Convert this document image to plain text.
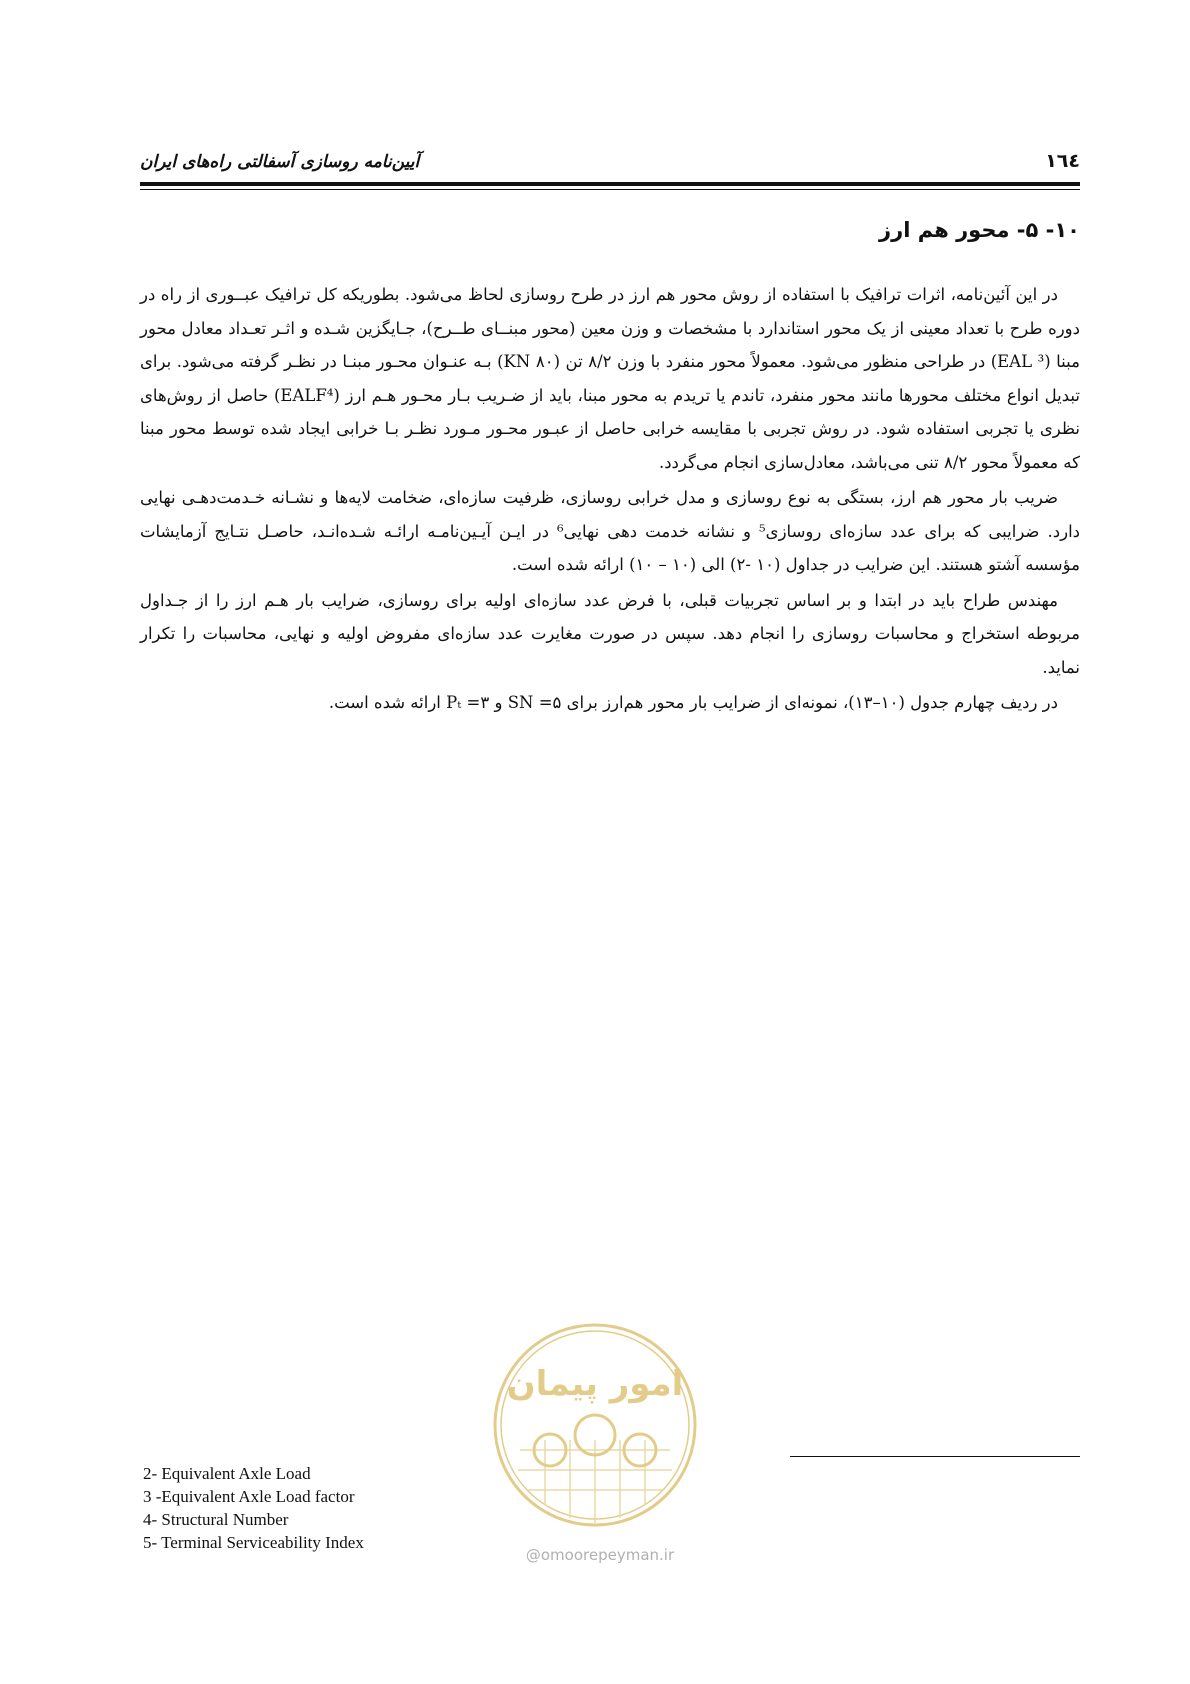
١٦٤
آيين‌نامه روسازی آسفالتی راه‌های ايران
۱۰- ۵- محور هم ارز

در اين آئين‌نامه، اثرات ترافيک با استفاده از روش محور هم ارز در طرح روسازی لحاظ می‌شود. بطوريکه کل ترافيک عبــوری از راه در دوره طرح با تعداد معينی از يک محور استاندارد با مشخصات و وزن معين (محور مبنــای طــرح)، جـايگزين شـده و اثـر تعـداد معادل محور مبنا (EAL ³) در طراحی منظور می‌شود. معمولاً محور منفرد با وزن ۸/۲ تن (۸۰ KN) بـه عنـوان محـور مبنـا در نظـر گرفته می‌شود. برای تبديل انواع مختلف محورها مانند محور منفرد، تاندم يا تريدم به محور مبنا، بايد از ضـريب بـار محـور هـم ارز (EALF⁴) حاصل از روش‌های نظری يا تجربی استفاده شود. در روش تجربی با مقايسه خرابی حاصل از عبـور محـور مـورد نظـر بـا خرابی ايجاد شده توسط محور مبنا که معمولاً محور ۸/۲ تنی می‌باشد، معادل‌سازی انجام می‌گردد.

ضريب بار محور هم ارز، بستگی به نوع روسازی و مدل خرابی روسازی، ظرفيت سازه‌ای، ضخامت لايه‌ها و نشـانه خـدمت‌دهـی نهايی دارد. ضرايبی که برای عدد سازه‌ای روسازی⁵ و نشانه خدمت دهی نهايی⁶ در ايـن آيـين‌نامـه ارائـه شـده‌انـد، حاصـل نتـايج آزمايشات مؤسسه آشتو هستند. اين ضرايب در جداول (۱۰ -۲) الی (۱۰ – ۱۰) ارائه شده است.

مهندس طراح بايد در ابتدا و بر اساس تجربيات قبلی، با فرض عدد سازه‌ای اوليه برای روسازی، ضرايب بار هـم ارز را از جـداول مربوطه استخراج و محاسبات روسازی را انجام دهد. سپس در صورت مغايرت عدد سازه‌ای مفروض اوليه و نهايی، محاسبات را تکرار نمايد.

در رديف چهارم جدول (۱۰–۱۳)، نمونه‌ای از ضرايب بار محور هم‌ارز برای SN =۵ و Pₜ =۳ ارائه شده است.

امور پیمان
@omoorepeyman.ir
2- Equivalent Axle Load
3 -Equivalent Axle Load factor
4- Structural Number
5- Terminal Serviceability Index
